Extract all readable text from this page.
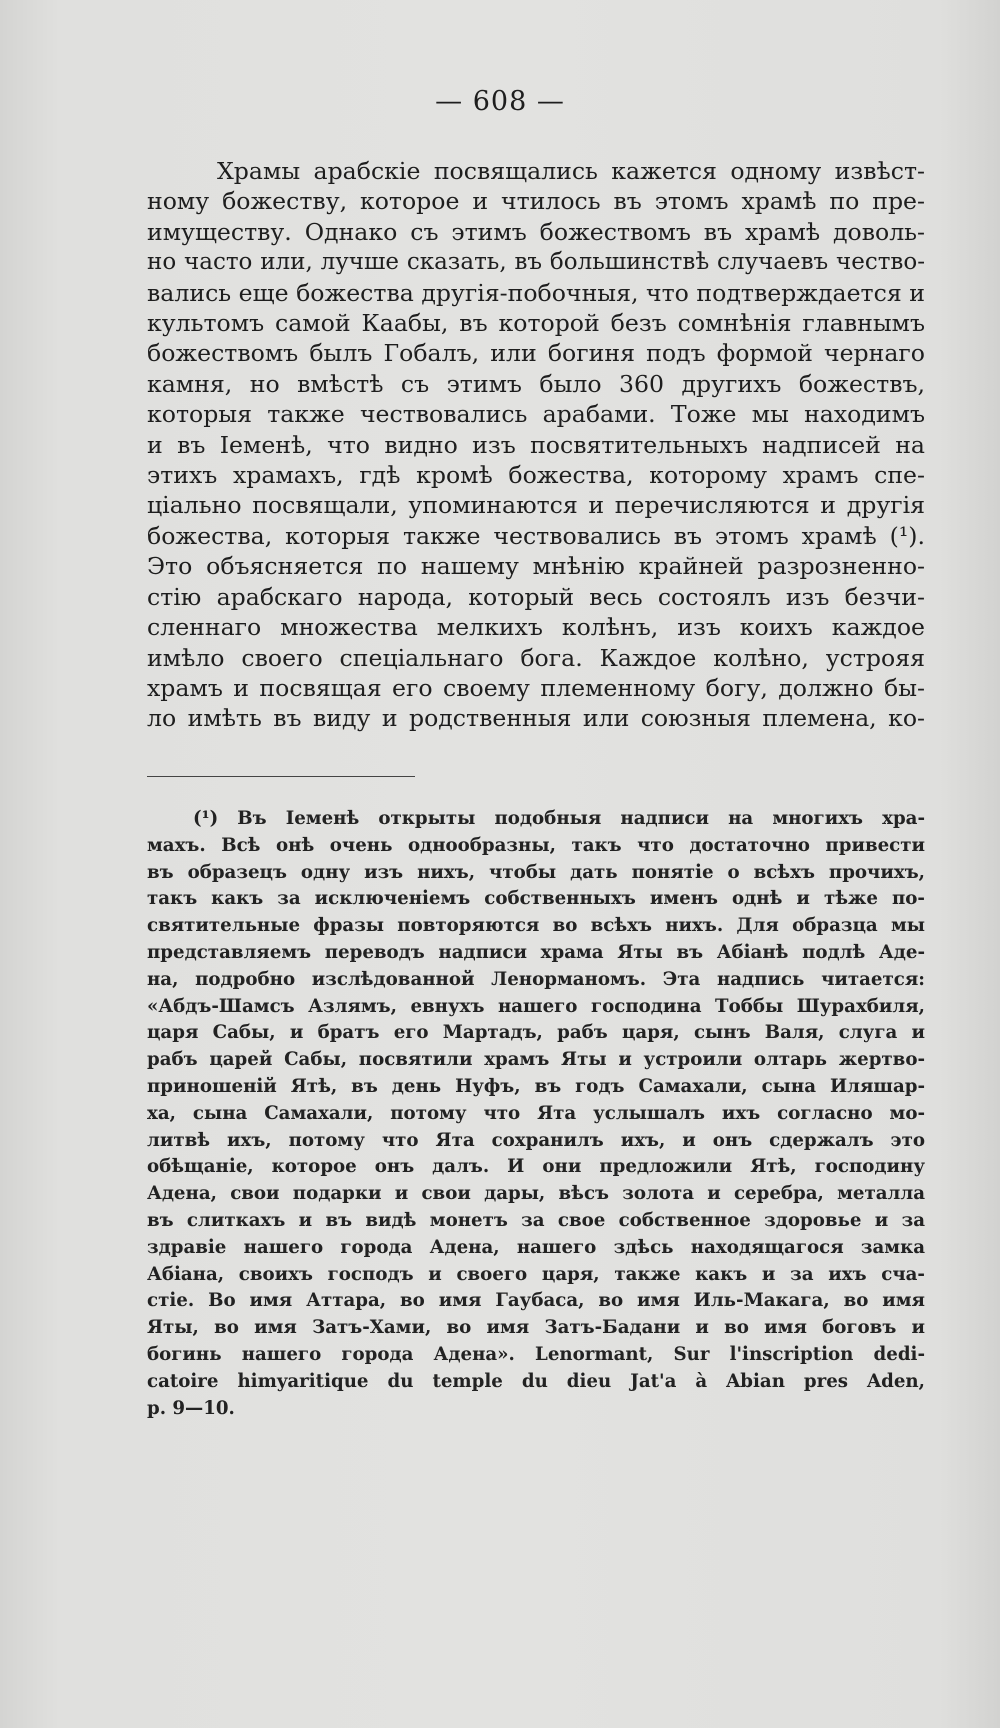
— 608 —
Храмы арабскіе посвящались кажется одному извѣст-
ному божеству, которое и чтилось въ этомъ храмѣ по пре-
имуществу. Однако съ этимъ божествомъ въ храмѣ доволь-
но часто или, лучше сказать, въ большинствѣ случаевъ чество-
вались еще божества другія-побочныя, что подтверждается и
культомъ самой Каабы, въ которой безъ сомнѣнія главнымъ
божествомъ былъ Гобалъ, или богиня подъ формой чернаго
камня, но вмѣстѣ съ этимъ было 360 другихъ божествъ,
которыя также чествовались арабами. Тоже мы находимъ
и въ Іеменѣ, что видно изъ посвятительныхъ надписей на
этихъ храмахъ, гдѣ кромѣ божества, которому храмъ спе-
ціально посвящали, упоминаются и перечисляются и другія
божества, которыя также чествовались въ этомъ храмѣ (¹).
Это объясняется по нашему мнѣнію крайней разрозненно-
стію арабскаго народа, который весь состоялъ изъ безчи-
сленнаго множества мелкихъ колѣнъ, изъ коихъ каждое
имѣло своего спеціальнаго бога. Каждое колѣно, устрояя
храмъ и посвящая его своему племенному богу, должно бы-
ло имѣть въ виду и родственныя или союзныя племена, ко-
(¹) Въ Іеменѣ открыты подобныя надписи на многихъ хра-
махъ. Всѣ онѣ очень однообразны, такъ что достаточно привести
въ образецъ одну изъ нихъ, чтобы дать понятіе о всѣхъ прочихъ,
такъ какъ за исключеніемъ собственныхъ именъ однѣ и тѣже по-
святительные фразы повторяются во всѣхъ нихъ. Для образца мы
представляемъ переводъ надписи храма Яты въ Абіанѣ подлѣ Аде-
на, подробно изслѣдованной Ленорманомъ. Эта надпись читается:
«Абдъ-Шамсъ Азлямъ, евнухъ нашего господина Тоббы Шурахбиля,
царя Сабы, и братъ его Мартадъ, рабъ царя, сынъ Валя, слуга и
рабъ царей Сабы, посвятили храмъ Яты и устроили олтарь жертво-
приношеній Ятѣ, въ день Нуфъ, въ годъ Самахали, сына Иляшар-
ха, сына Самахали, потому что Ята услышалъ ихъ согласно мо-
литвѣ ихъ, потому что Ята сохранилъ ихъ, и онъ сдержалъ это
обѣщаніе, которое онъ далъ. И они предложили Ятѣ, господину
Адена, свои подарки и свои дары, вѣсъ золота и серебра, металла
въ слиткахъ и въ видѣ монетъ за свое собственное здоровье и за
здравіе нашего города Адена, нашего здѣсь находящагося замка
Абіана, своихъ господъ и своего царя, также какъ и за ихъ сча-
стіе. Во имя Аттара, во имя Гаубаса, во имя Иль-Макага, во имя
Яты, во имя Затъ-Хами, во имя Затъ-Бадани и во имя боговъ и
богинь нашего города Адена». Lenormant, Sur l'inscription dedi-
catoire himyaritique du temple du dieu Jat'a à Abian pres Aden,
p. 9—10.
